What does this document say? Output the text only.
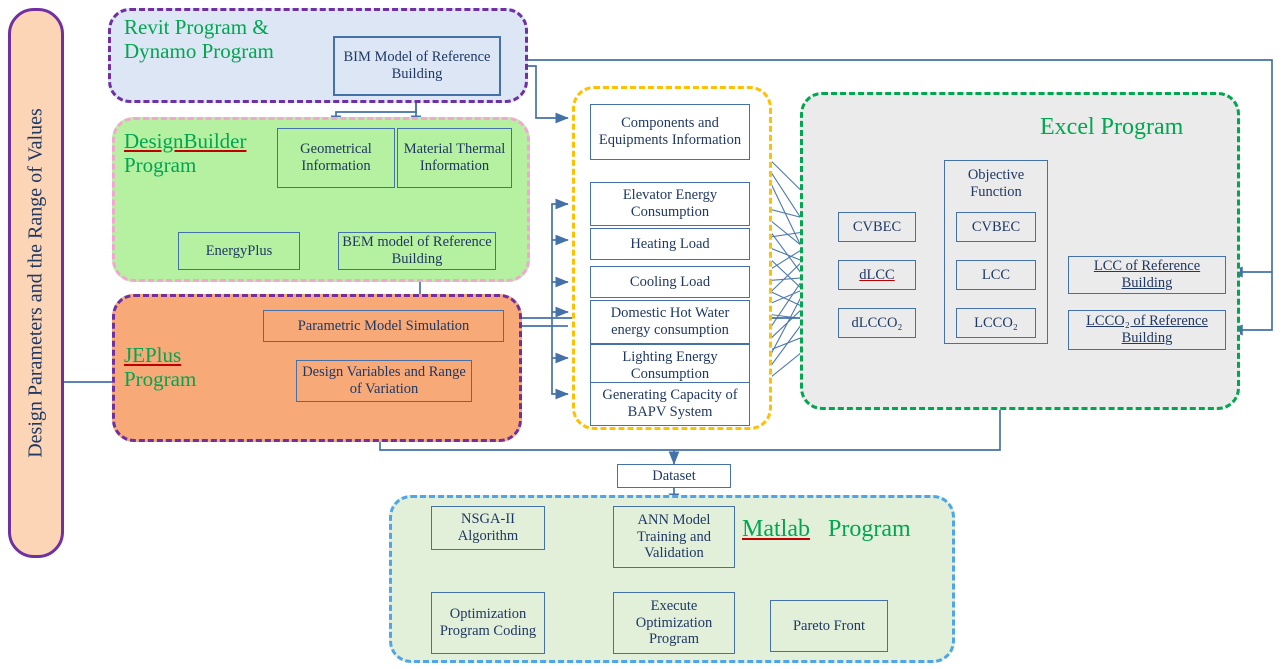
Design Parameters and the Range of Values
Revit Program &
Dynamo Program
DesignBuilder
Program
JEPlus
Program
Excel Program
Matlab Program
BIM Model of Reference Building
Geometrical Information
Material Thermal Information
EnergyPlus
BEM model of Reference Building
Parametric Model Simulation
Design Variables and Range of Variation
Components and Equipments Information
Elevator Energy Consumption
Heating Load
Cooling Load
Domestic Hot Water energy consumption
Lighting Energy Consumption
Generating Capacity of BAPV System
CVBEC
dLCC
dLCCO₂
Objective Function
CVBEC
LCC
LCCO₂
LCC of Reference Building
LCCO₂ of Reference Building
Dataset
NSGA-II Algorithm
ANN Model Training and Validation
Optimization Program Coding
Execute Optimization Program
Pareto Front
